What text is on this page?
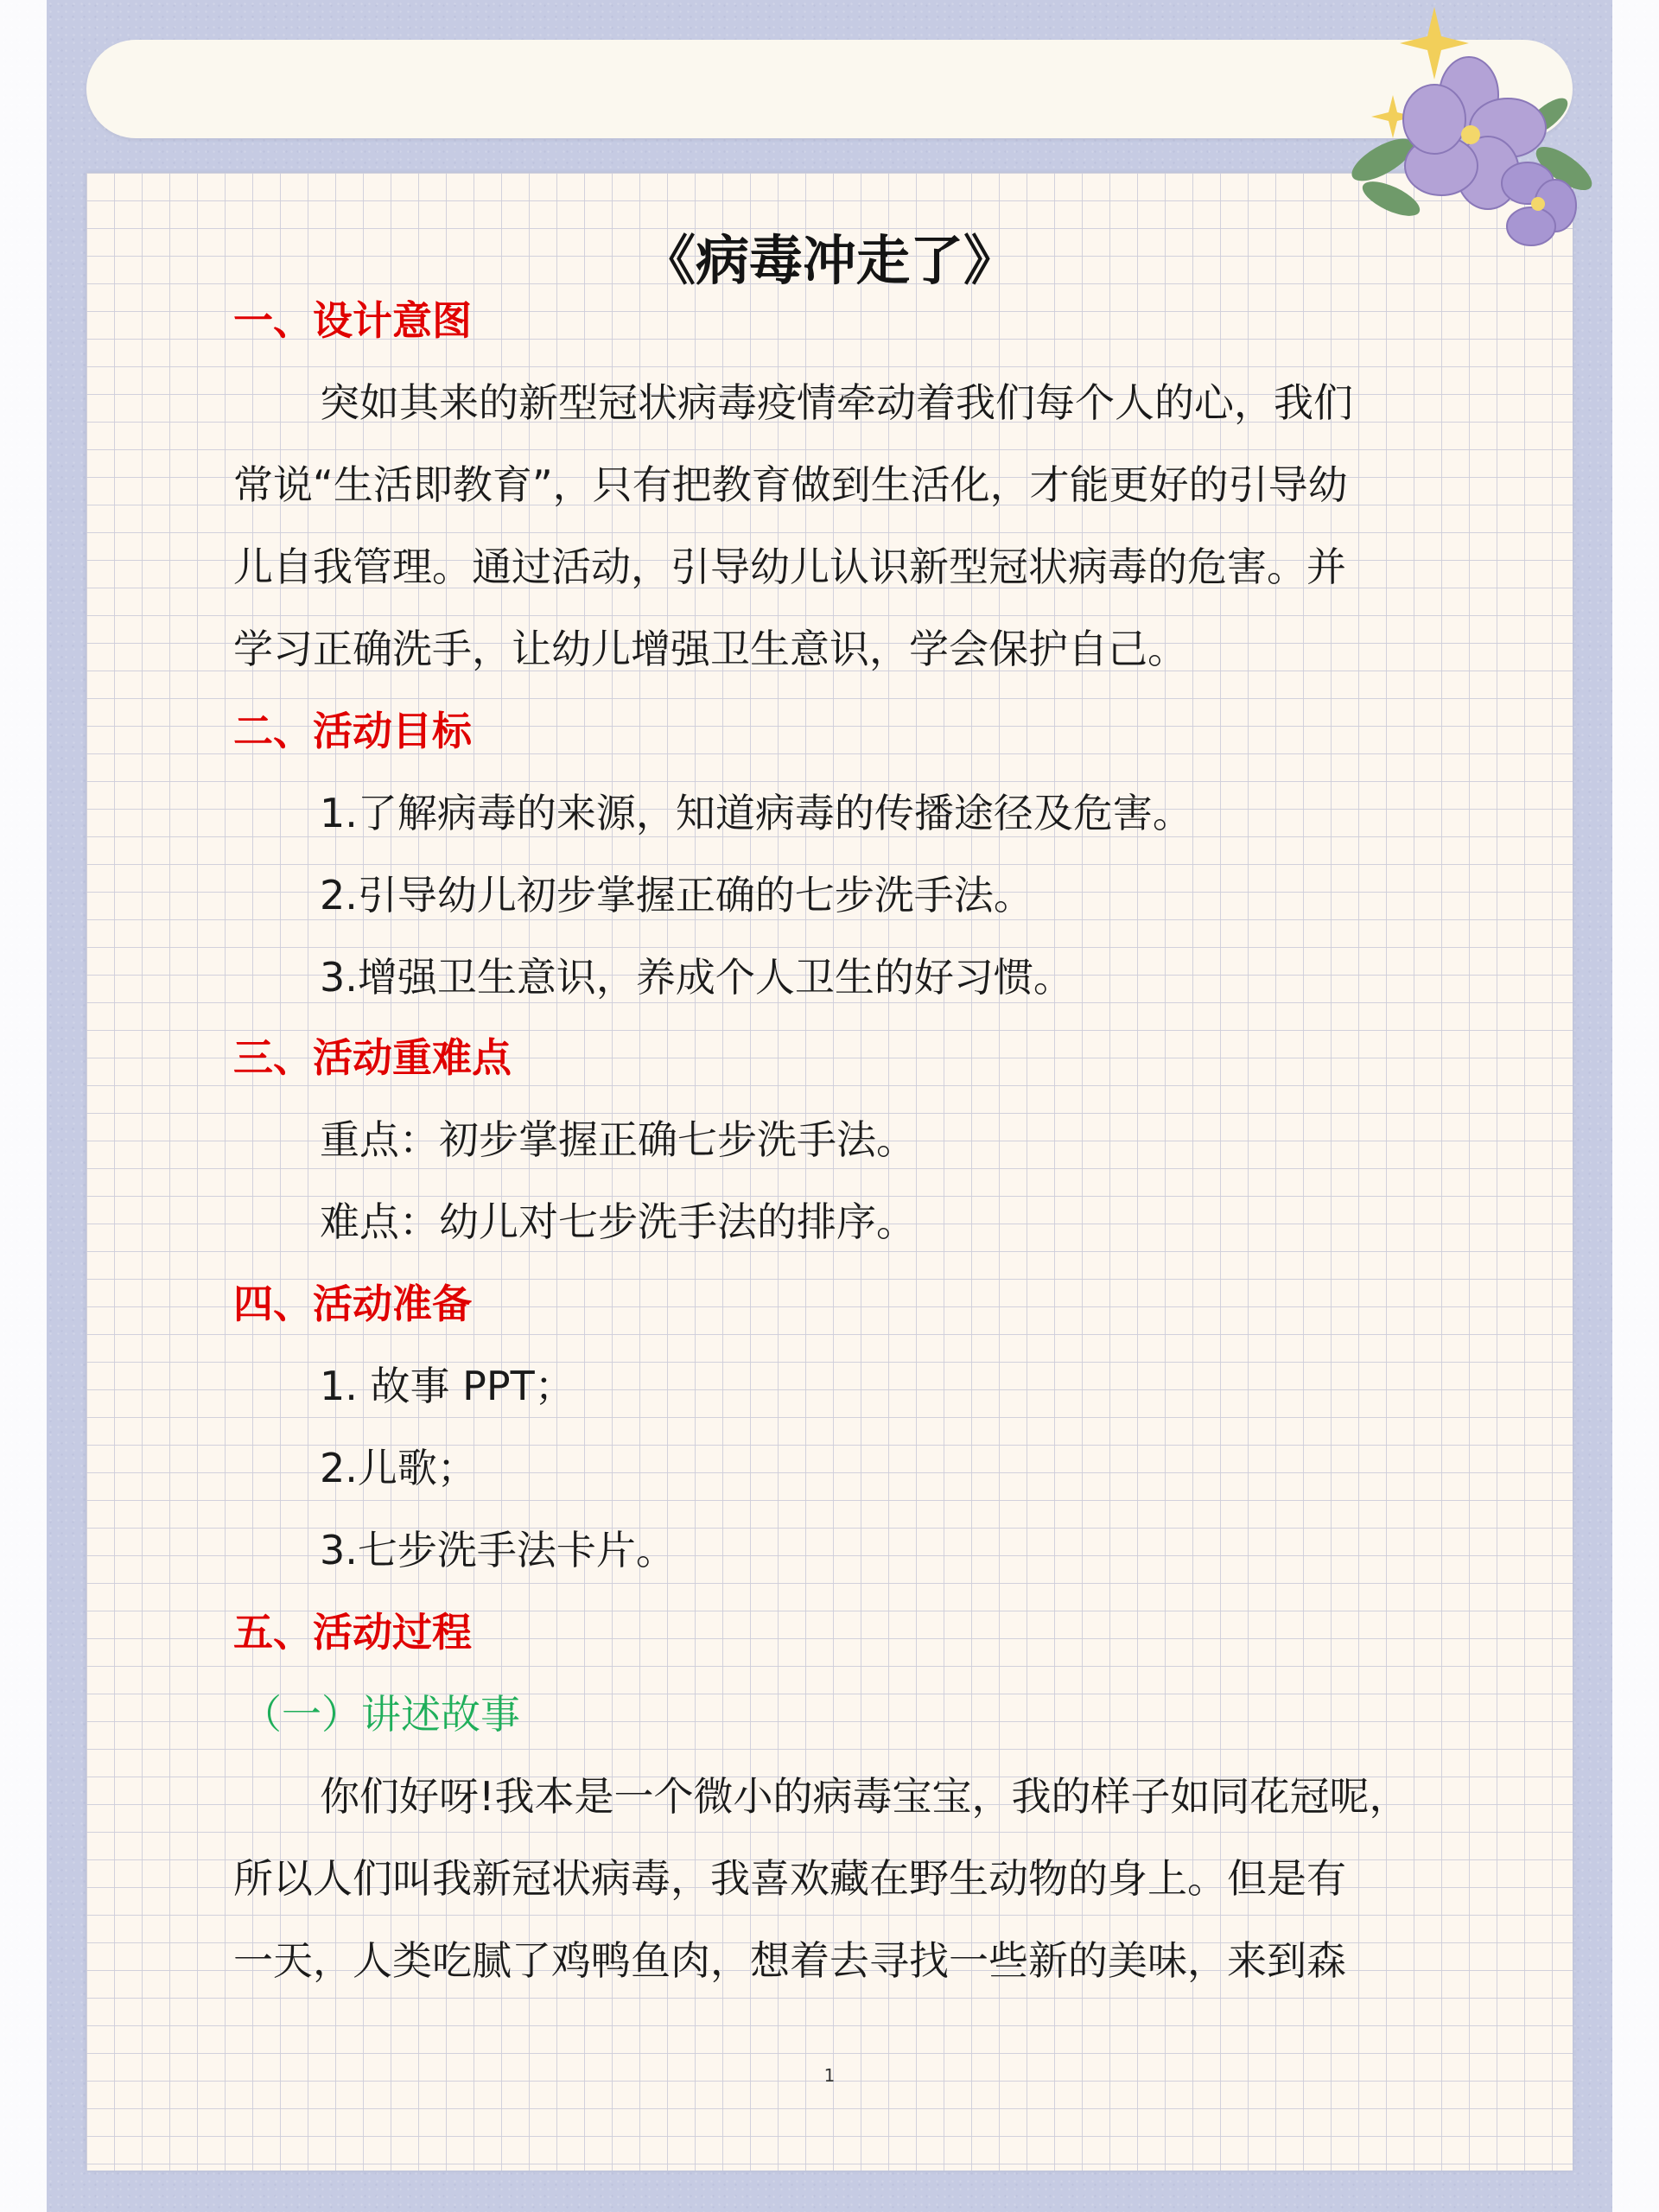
《病毒冲走了》
一、设计意图
突如其来的新型冠状病毒疫情牵动着我们每个人的心，我们
常说“生活即教育”，只有把教育做到生活化，才能更好的引导幼
儿自我管理。通过活动，引导幼儿认识新型冠状病毒的危害。并
学习正确洗手，让幼儿增强卫生意识，学会保护自己。
二、活动目标
1.了解病毒的来源，知道病毒的传播途径及危害。
2.引导幼儿初步掌握正确的七步洗手法。
3.增强卫生意识，养成个人卫生的好习惯。
三、活动重难点
重点：初步掌握正确七步洗手法。
难点：幼儿对七步洗手法的排序。
四、活动准备
1. 故事 PPT；
2.儿歌；
3.七步洗手法卡片。
五、活动过程
（一）讲述故事
你们好呀!我本是一个微小的病毒宝宝，我的样子如同花冠呢，
所以人们叫我新冠状病毒，我喜欢藏在野生动物的身上。但是有
一天，人类吃腻了鸡鸭鱼肉，想着去寻找一些新的美味，来到森
1
